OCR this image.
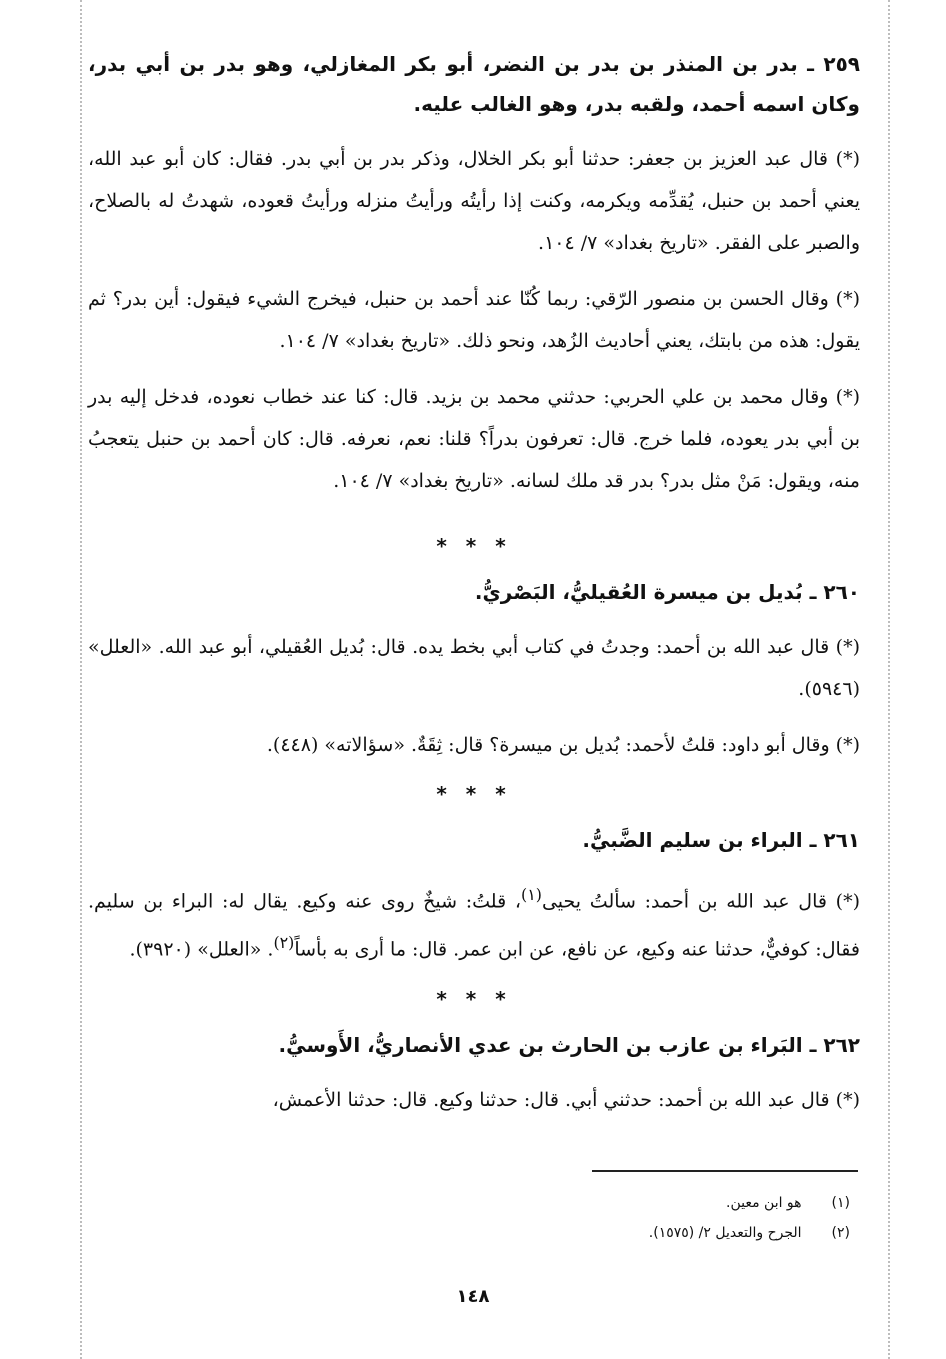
٢٥٩ ـ بدر بن المنذر بن بدر بن النضر، أبو بكر المغازلي، وهو بدر بن أبي بدر، وكان اسمه أحمد، ولقبه بدر، وهو الغالب عليه.
(*) قال عبد العزيز بن جعفر: حدثنا أبو بكر الخلال، وذكر بدر بن أبي بدر. فقال: كان أبو عبد الله، يعني أحمد بن حنبل، يُقدِّمه ويكرمه، وكنت إذا رأيتُه ورأيتُ منزله ورأيتُ قعوده، شهدتُ له بالصلاح، والصبر على الفقر. «تاريخ بغداد» ٧/ ١٠٤.
(*) وقال الحسن بن منصور الرّقي: ربما كُنّا عند أحمد بن حنبل، فيخرج الشيء فيقول: أين بدر؟ ثم يقول: هذه من بابتك، يعني أحاديث الزُهد، ونحو ذلك. «تاريخ بغداد» ٧/ ١٠٤.
(*) وقال محمد بن علي الحربي: حدثني محمد بن بزيد. قال: كنا عند خطاب نعوده، فدخل إليه بدر بن أبي بدر يعوده، فلما خرج. قال: تعرفون بدراً؟ قلنا: نعم، نعرفه. قال: كان أحمد بن حنبل يتعجبُ منه، ويقول: مَنْ مثل بدر؟ بدر قد ملك لسانه. «تاريخ بغداد» ٧/ ١٠٤.
* * *
٢٦٠ ـ بُديل بن ميسرة العُقيليُّ، البَصْريُّ.
(*) قال عبد الله بن أحمد: وجدتُ في كتاب أبي بخط يده. قال: بُديل العُقيلي، أبو عبد الله. «العلل» (٥٩٤٦).
(*) وقال أبو داود: قلتُ لأحمد: بُديل بن ميسرة؟ قال: ثِقَةٌ. «سؤالاته» (٤٤٨).
* * *
٢٦١ ـ البراء بن سليم الضَّبيُّ.
(*) قال عبد الله بن أحمد: سألتُ يحيى$^{(١)}$، قلتُ: شيخٌ روى عنه وكيع. يقال له: البراء بن سليم. فقال: كوفيٌّ، حدثنا عنه وكيع، عن نافع، عن ابن عمر. قال: ما أرى به بأساً$^{(٢)}$. «العلل» (٣٩٢٠).
* * *
٢٦٢ ـ البَراء بن عازب بن الحارث بن عدي الأنصاريُّ، الأَوسيُّ.
(*) قال عبد الله بن أحمد: حدثني أبي. قال: حدثنا وكيع. قال: حدثنا الأعمش،
(١) هو ابن معين.
(٢) الجرح والتعديل ٢/ (١٥٧٥).
١٤٨
